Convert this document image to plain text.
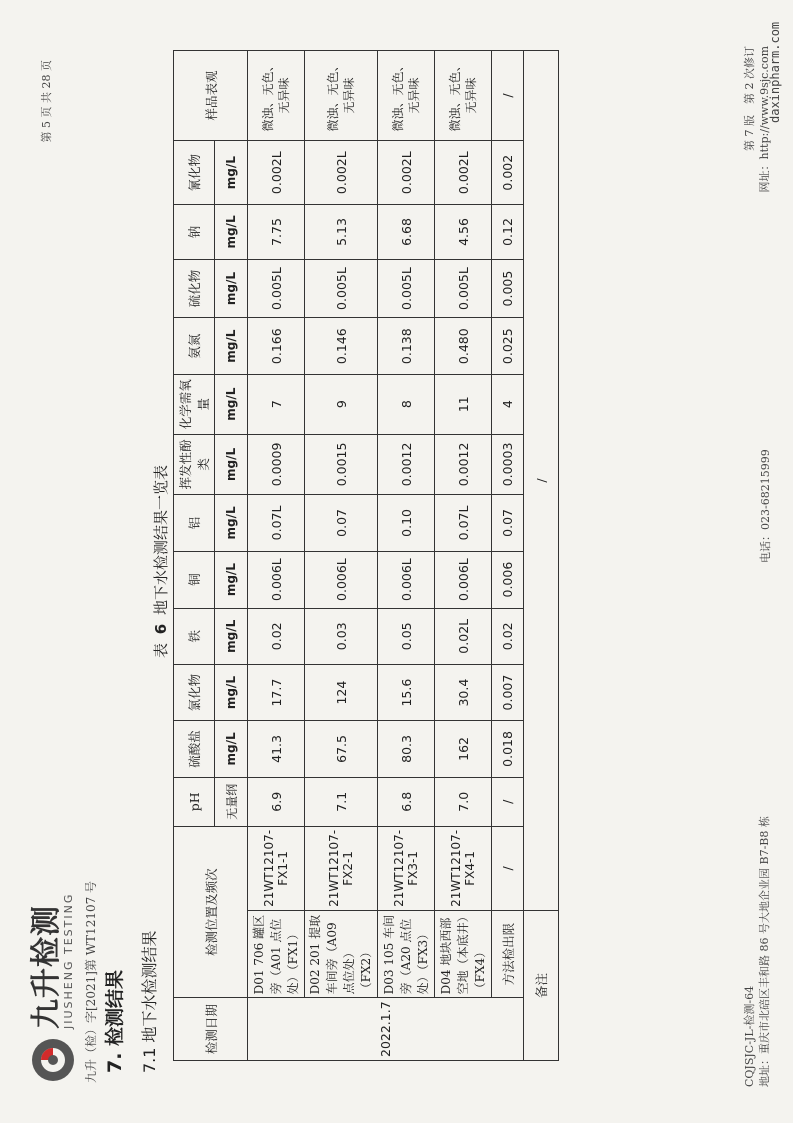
九升检测
JIUSHENG TESTING 九升（检）字[2021]第 WT12107 号
第 5 页 共 28 页
7. 检测结果 7.1 地下水检测结果
表 6 地下水检测结果一览表
检测日期	检测位置及频次		pH	硫酸盐	氯化物	铁	铜	铝	挥发性酚类	化学需氧量	氨氮	硫化物	钠	氰化物	样品表观
			无量纲	mg/L	mg/L	mg/L	mg/L	mg/L	mg/L	mg/L	mg/L	mg/L	mg/L	mg/L	
2022.1.7	D01 706 罐区旁（A01 点位处）（FX1）	21WT12107-FX1-1	6.9	41.3	17.7	0.02	0.006L	0.07L	0.0009	7	0.166	0.005L	7.75	0.002L	微浊、无色、无异味
	D02 201 提取车间旁（A09 点位处）（FX2）	21WT12107-FX2-1	7.1	67.5	124	0.03	0.006L	0.07	0.0015	9	0.146	0.005L	5.13	0.002L	微浊、无色、无异味
	D03 105 车间旁（A20 点位处）（FX3）	21WT12107-FX3-1	6.8	80.3	15.6	0.05	0.006L	0.10	0.0012	8	0.138	0.005L	6.68	0.002L	微浊、无色、无异味
	D04 地块西部空地（本底井）（FX4）	21WT12107-FX4-1	7.0	162	30.4	0.02L	0.006L	0.07L	0.0012	11	0.480	0.005L	4.56	0.002L	微浊、无色、无异味
	方法检出限	/	/	0.018	0.007	0.02	0.006	0.07	0.0003	4	0.025	0.005	0.12	0.002	/
备注		/													
CQJSJC-JL-检测-64 地址：重庆市北碚区丰和路 86 号大地企业园 B7-B8 栋
电话：023-68215999
第 7 版　第 2 次修订 网址：http://www.9sjc.com
daxinpharm.com
